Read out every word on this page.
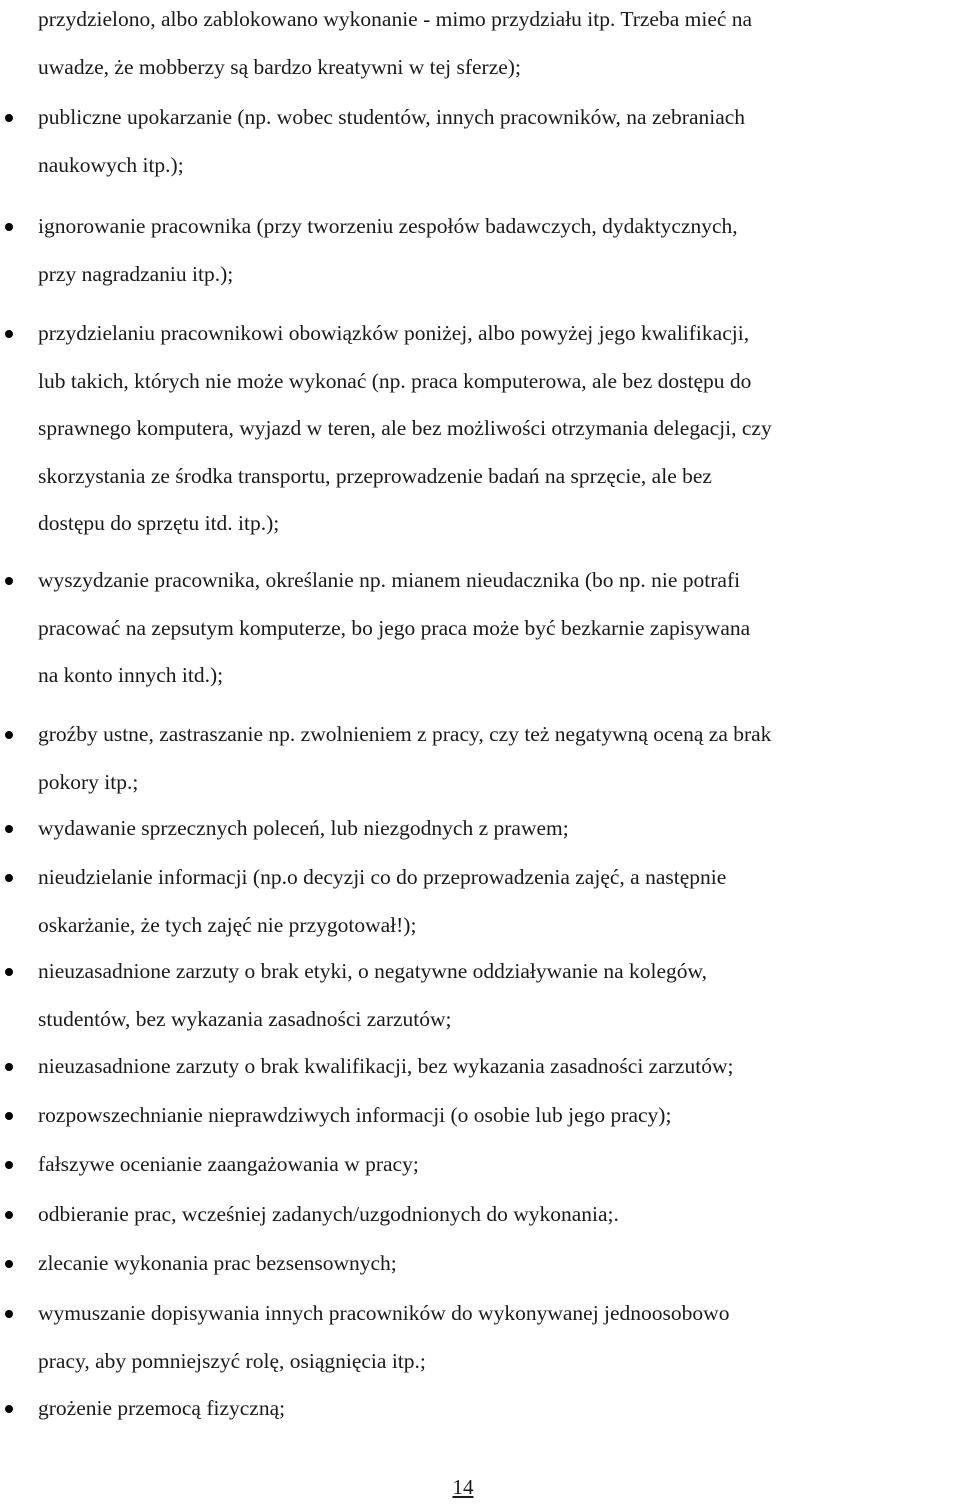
przydzielono, albo zablokowano wykonanie - mimo przydziału itp. Trzeba mieć na
uwadze, że mobberzy są bardzo kreatywni w tej sferze);
publiczne upokarzanie (np. wobec studentów, innych pracowników, na zebraniach
naukowych itp.);
ignorowanie pracownika (przy tworzeniu zespołów badawczych, dydaktycznych,
przy nagradzaniu itp.);
przydzielaniu pracownikowi obowiązków poniżej, albo powyżej jego kwalifikacji,
lub takich, których nie może wykonać (np. praca komputerowa, ale bez dostępu do
sprawnego komputera, wyjazd w teren, ale bez możliwości otrzymania delegacji, czy
skorzystania ze środka transportu, przeprowadzenie badań na sprzęcie, ale bez
dostępu do sprzętu itd. itp.);
wyszydzanie pracownika, określanie np. mianem nieudacznika (bo np. nie potrafi
pracować na zepsutym komputerze, bo jego praca może być bezkarnie zapisywana
na konto innych itd.);
groźby ustne, zastraszanie np. zwolnieniem z pracy, czy też negatywną oceną za brak
pokory itp.;
wydawanie sprzecznych poleceń, lub niezgodnych z prawem;
nieudzielanie informacji (np.o decyzji co do przeprowadzenia zajęć, a następnie
oskarżanie, że tych zajęć nie przygotował!);
nieuzasadnione zarzuty o brak etyki, o negatywne oddziaływanie na kolegów,
studentów, bez wykazania zasadności zarzutów;
nieuzasadnione zarzuty o brak kwalifikacji, bez wykazania zasadności zarzutów;
rozpowszechnianie nieprawdziwych informacji (o osobie lub jego pracy);
fałszywe ocenianie zaangażowania w pracy;
odbieranie prac, wcześniej zadanych/uzgodnionych do wykonania;.
zlecanie wykonania prac bezsensownych;
wymuszanie dopisywania innych pracowników do wykonywanej jednoosobowo
pracy, aby pomniejszyć rolę, osiągnięcia itp.;
grożenie przemocą fizyczną;
14
